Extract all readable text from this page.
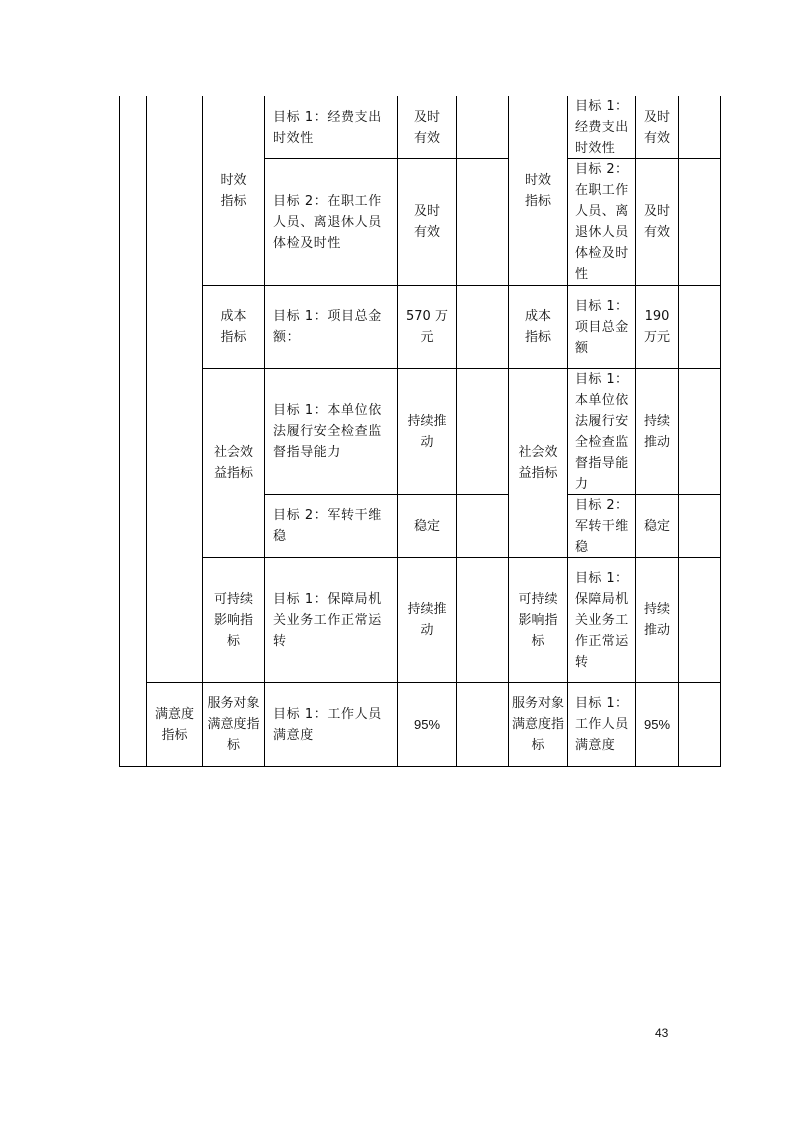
目标 1：经费支出时效性
及时有效
目标 1：经费支出时效性
及时有效
时效指标 目标 2：在职工作人员、离退休人员体检及时性
及时有效
时效指标
目标 2：在职工作人员、离退休人员体检及时性
及时有效
成本指标
目标 1：项目总金额：
570 万元
成本指标
目标 1：项目总金额
190 万元
社会效益指标
目标 1：本单位依法履行安全检查监督指导能力
持续推动
社会效益指标
目标 1：本单位依法履行安全检查监督指导能力
持续推动
目标 2：军转干维稳
稳定
目标 2：军转干维稳
稳定
可持续影响指标
目标 1：保障局机关业务工作正常运转
持续推动
可持续影响指标
目标 1：保障局机关业务工作正常运转
持续推动
满意度指标
服务对象满意度指标
目标 1：工作人员满意度
95%
服务对象满意度指标
目标 1：工作人员满意度
95%
43
